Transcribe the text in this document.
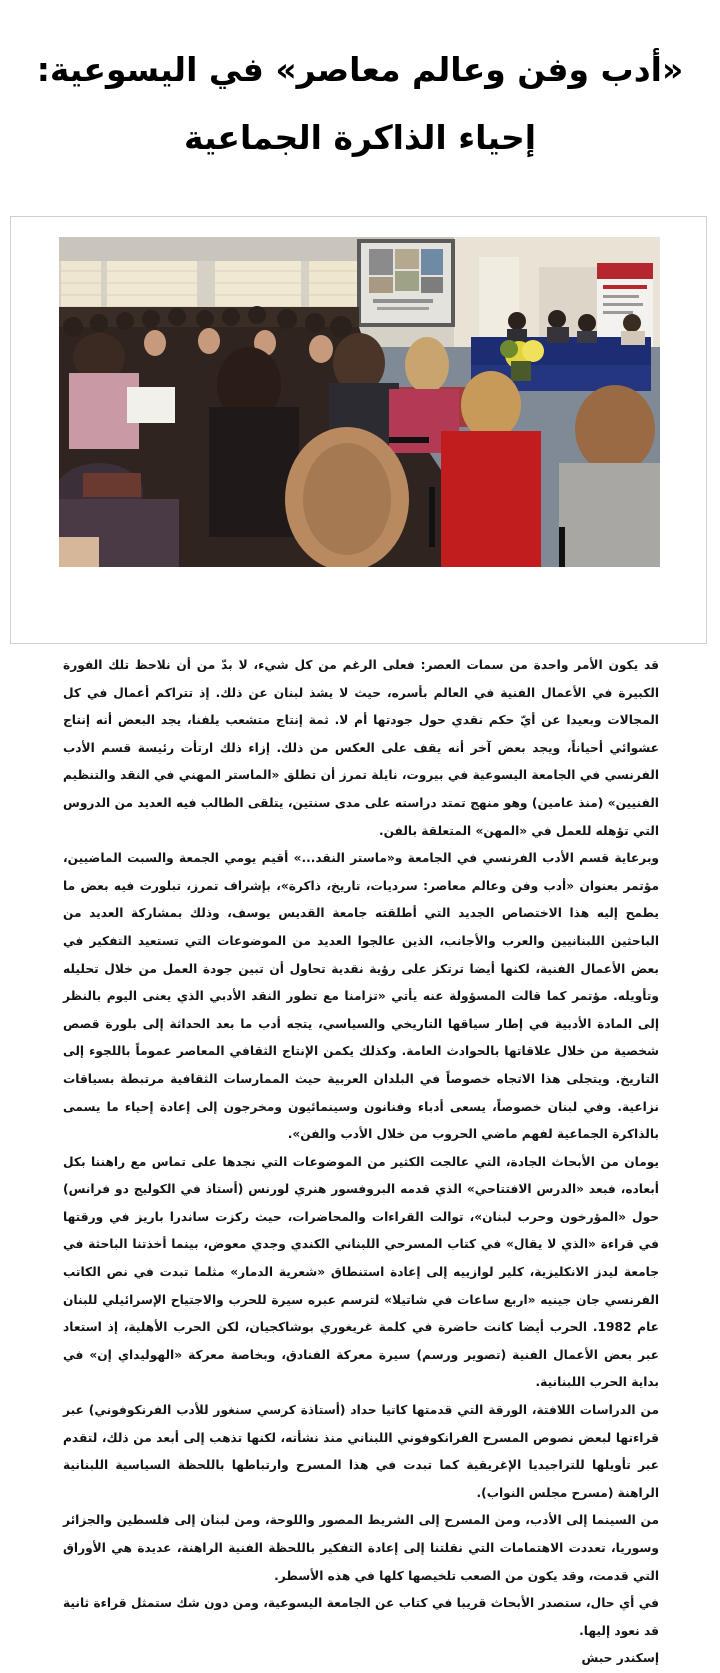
«أدب وفن وعالم معاصر» في اليسوعية: إحياء الذاكرة الجماعية

قد يكون الأمر واحدة من سمات العصر: فعلى الرغم من كل شيء، لا بدّ من أن نلاحظ تلك الفورة الكبيرة في الأعمال الفنية في العالم بأسره، حيث لا يشذ لبنان عن ذلك. إذ تتراكم أعمال في كل المجالات وبعيدا عن أيّ حكم نقدي حول جودتها أم لا. ثمة إنتاج متشعب يلفنا، يجد البعض أنه إنتاج عشوائي أحياناً، ويجد بعض آخر أنه يقف على العكس من ذلك. إزاء ذلك ارتأت رئيسة قسم الأدب الفرنسي في الجامعة اليسوعية في بيروت، نايلة تمرز أن تطلق «الماستر المهني في النقد والتنظيم الفنيين» (منذ عامين) وهو منهج تمتد دراسته على مدى سنتين، يتلقى الطالب فيه العديد من الدروس التي تؤهله للعمل في «المهن» المتعلقة بالفن.

وبرعاية قسم الأدب الفرنسي في الجامعة و«ماستر النقد...» أقيم يومي الجمعة والسبت الماضيين، مؤتمر بعنوان «أدب وفن وعالم معاصر: سرديات، تاريخ، ذاكرة»، بإشراف تمرز، تبلورت فيه بعض ما يطمح إليه هذا الاختصاص الجديد التي أطلقته جامعة القديس يوسف، وذلك بمشاركة العديد من الباحثين اللبنانيين والعرب والأجانب، الذين عالجوا العديد من الموضوعات التي تستعيد التفكير في بعض الأعمال الفنية، لكنها أيضا ترتكز على رؤية نقدية تحاول أن تبين جودة العمل من خلال تحليله وتأويله. مؤتمر كما قالت المسؤولة عنه يأتي «تزامنا مع تطور النقد الأدبي الذي يعنى اليوم بالنظر إلى المادة الأدبية في إطار سياقها التاريخي والسياسي، يتجه أدب ما بعد الحداثة إلى بلورة قصص شخصية من خلال علاقاتها بالحوادث العامة. وكذلك يكمن الإنتاج الثقافي المعاصر عموماً باللجوء إلى التاريخ. ويتجلى هذا الاتجاه خصوصاً في البلدان العربية حيث الممارسات الثقافية مرتبطة بسياقات نزاعية. وفي لبنان خصوصاً، يسعى أدباء وفنانون وسينمائيون ومخرجون إلى إعادة إحياء ما يسمى بالذاكرة الجماعية لفهم ماضي الحروب من خلال الأدب والفن».

يومان من الأبحاث الجادة، التي عالجت الكثير من الموضوعات التي نجدها على تماس مع راهننا بكل أبعاده، فبعد «الدرس الافتتاحي» الذي قدمه البروفسور هنري لورنس (أستاذ في الكوليج دو فرانس) حول «المؤرخون وحرب لبنان»، توالت القراءات والمحاضرات، حيث ركزت ساندرا باريز في ورقتها في قراءة «الذي لا يقال» في كتاب المسرحي اللبناني الكندي وجدي معوض، بينما أخذتنا الباحثة في جامعة ليدز الانكليزية، كلير لوازييه إلى إعادة استنطاق «شعرية الدمار» مثلما تبدت في نص الكاتب الفرنسي جان جينيه «اربع ساعات في شاتيلا» لترسم عبره سيرة للحرب والاجتياح الإسرائيلي للبنان عام 1982. الحرب أيضا كانت حاضرة في كلمة غريغوري بوشاكجيان، لكن الحرب الأهلية، إذ استعاد عبر بعض الأعمال الفنية (تصوير ورسم) سيرة معركة الفنادق، وبخاصة معركة «الهوليداي إن» في بداية الحرب اللبنانية.

من الدراسات اللافتة، الورقة التي قدمتها كاتيا حداد (أستاذة كرسي سنغور للأدب الفرنكوفوني) عبر قراءتها لبعض نصوص المسرح الفرانكوفوني اللبناني منذ نشأته، لكنها تذهب إلى أبعد من ذلك، لتقدم عبر تأويلها للتراجيديا الإغريقية كما تبدت في هذا المسرح وارتباطها باللحظة السياسية اللبنانية الراهنة (مسرح مجلس النواب).

من السينما إلى الأدب، ومن المسرح إلى الشريط المصور واللوحة، ومن لبنان إلى فلسطين والجزائر وسوريا، تعددت الاهتمامات التي نقلتنا إلى إعادة التفكير باللحظة الفنية الراهنة، عديدة هي الأوراق التي قدمت، وقد يكون من الصعب تلخيصها كلها في هذه الأسطر.

في أي حال، ستصدر الأبحاث قريبا في كتاب عن الجامعة اليسوعية، ومن دون شك ستمثل قراءة ثانية قد نعود إليها.

إسكندر حبش
